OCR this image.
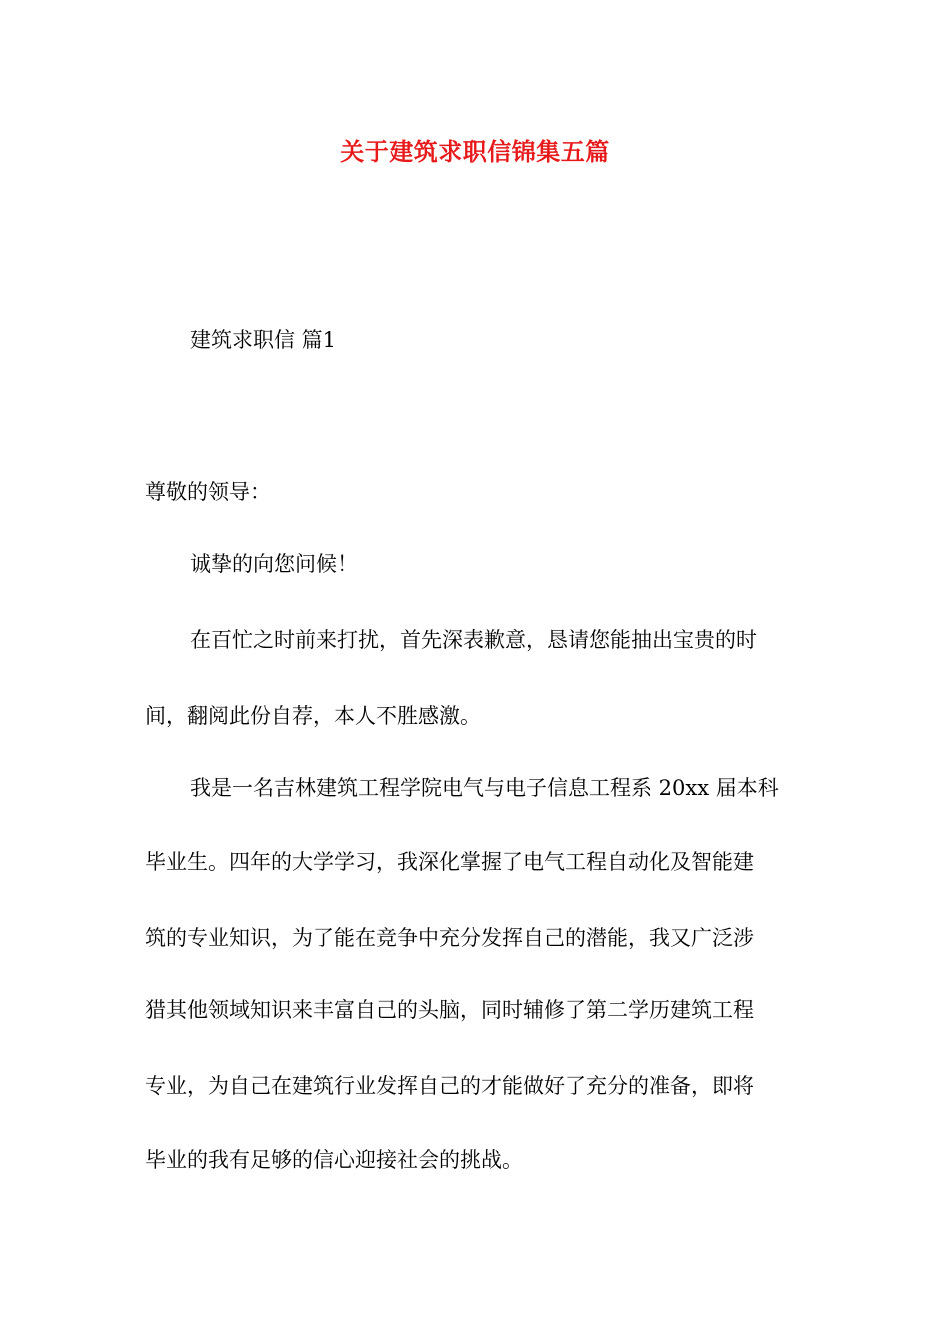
关于建筑求职信锦集五篇
建筑求职信 篇1
尊敬的领导：
诚挚的向您问候！
在百忙之时前来打扰，首先深表歉意，恳请您能抽出宝贵的时
间，翻阅此份自荐，本人不胜感激。
我是一名吉林建筑工程学院电气与电子信息工程系 20xx 届本科
毕业生。四年的大学学习，我深化掌握了电气工程自动化及智能建
筑的专业知识，为了能在竞争中充分发挥自己的潜能，我又广泛涉
猎其他领域知识来丰富自己的头脑，同时辅修了第二学历建筑工程
专业，为自己在建筑行业发挥自己的才能做好了充分的准备，即将
毕业的我有足够的信心迎接社会的挑战。
